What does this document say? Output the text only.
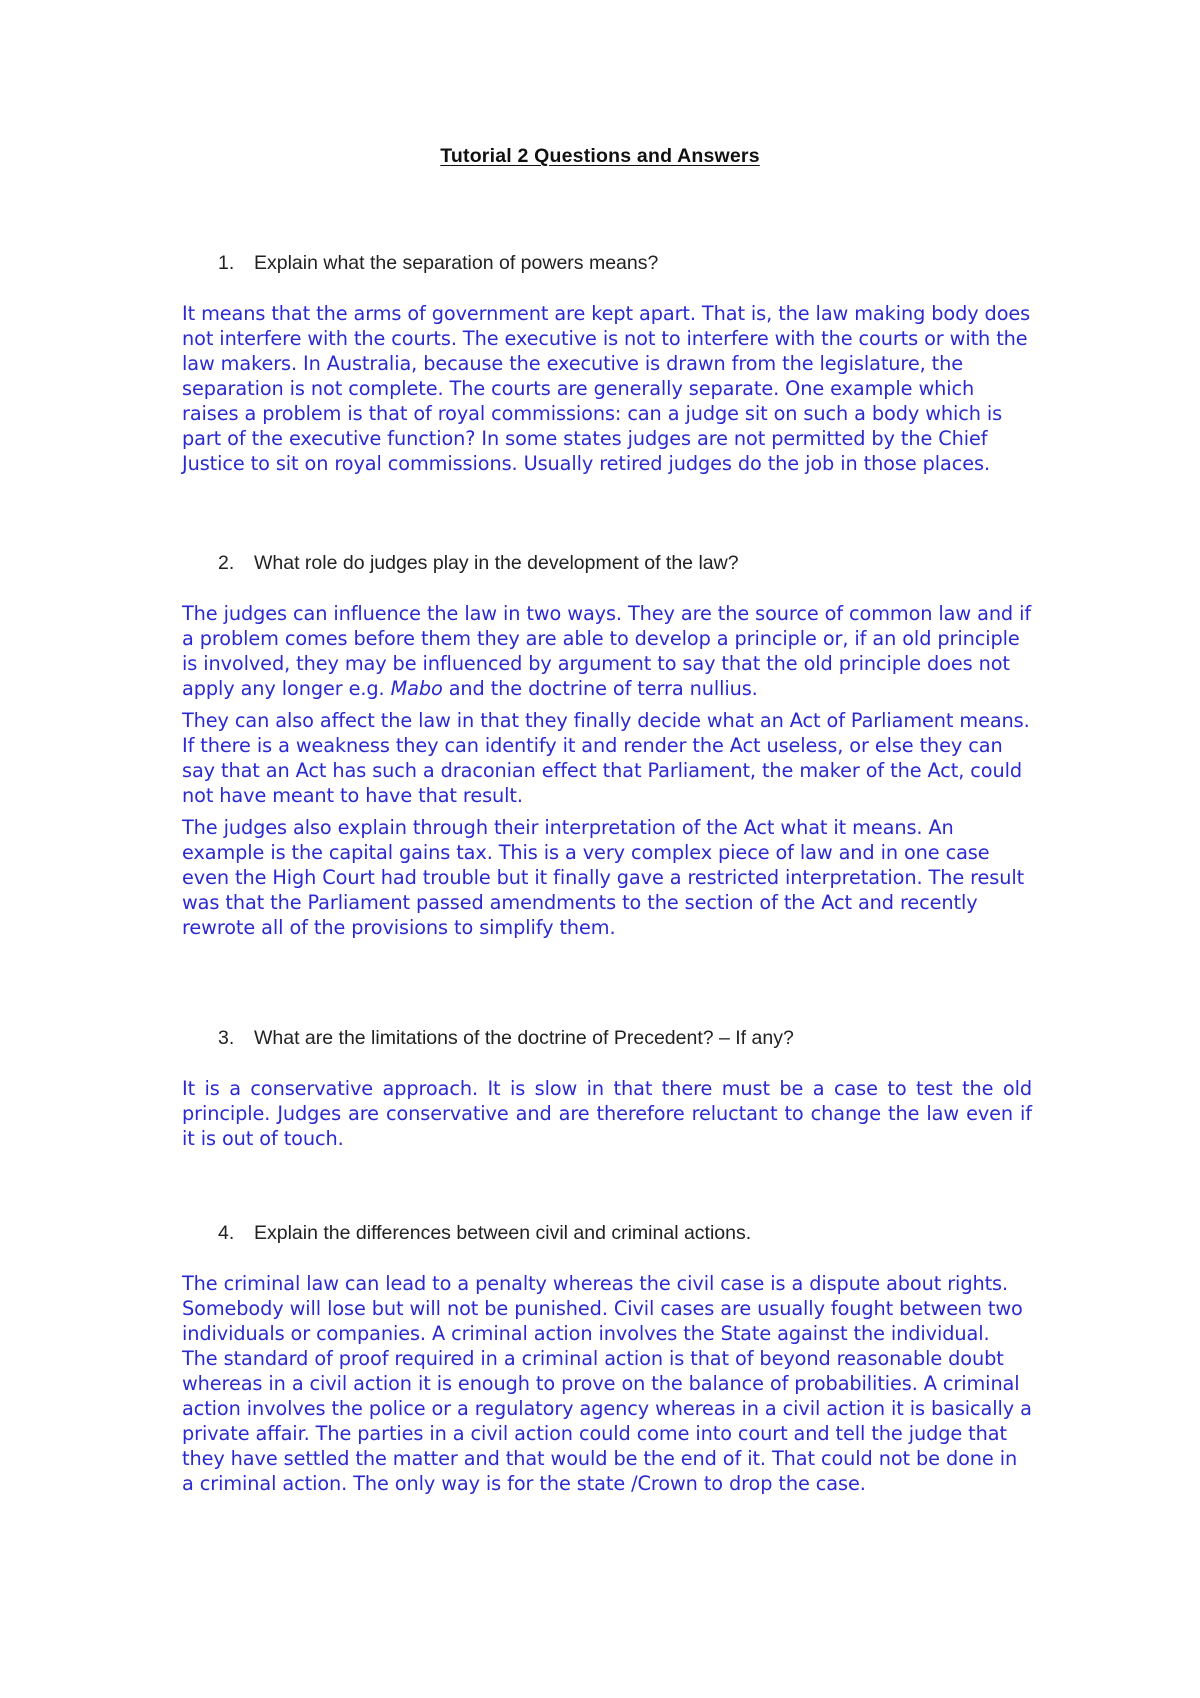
Tutorial 2 Questions and Answers
1. Explain what the separation of powers means?

It means that the arms of government are kept apart. That is, the law making body does not interfere with the courts. The executive is not to interfere with the courts or with the law makers. In Australia, because the executive is drawn from the legislature, the separation is not complete. The courts are generally separate. One example which raises a problem is that of royal commissions: can a judge sit on such a body which is part of the executive function? In some states judges are not permitted by the Chief Justice to sit on royal commissions. Usually retired judges do the job in those places.

2. What role do judges play in the development of the law?

The judges can influence the law in two ways. They are the source of common law and if a problem comes before them they are able to develop a principle or, if an old principle is involved, they may be influenced by argument to say that the old principle does not apply any longer e.g. Mabo and the doctrine of terra nullius.

They can also affect the law in that they finally decide what an Act of Parliament means. If there is a weakness they can identify it and render the Act useless, or else they can say that an Act has such a draconian effect that Parliament, the maker of the Act, could not have meant to have that result.

The judges also explain through their interpretation of the Act what it means. An example is the capital gains tax. This is a very complex piece of law and in one case even the High Court had trouble but it finally gave a restricted interpretation. The result was that the Parliament passed amendments to the section of the Act and recently rewrote all of the provisions to simplify them.

3. What are the limitations of the doctrine of Precedent? – If any?

It is a conservative approach. It is slow in that there must be a case to test the old principle. Judges are conservative and are therefore reluctant to change the law even if it is out of touch.

4. Explain the differences between civil and criminal actions.

The criminal law can lead to a penalty whereas the civil case is a dispute about rights. Somebody will lose but will not be punished. Civil cases are usually fought between two individuals or companies. A criminal action involves the State against the individual.

The standard of proof required in a criminal action is that of beyond reasonable doubt whereas in a civil action it is enough to prove on the balance of probabilities. A criminal action involves the police or a regulatory agency whereas in a civil action it is basically a private affair. The parties in a civil action could come into court and tell the judge that they have settled the matter and that would be the end of it. That could not be done in a criminal action. The only way is for the state /Crown to drop the case.
